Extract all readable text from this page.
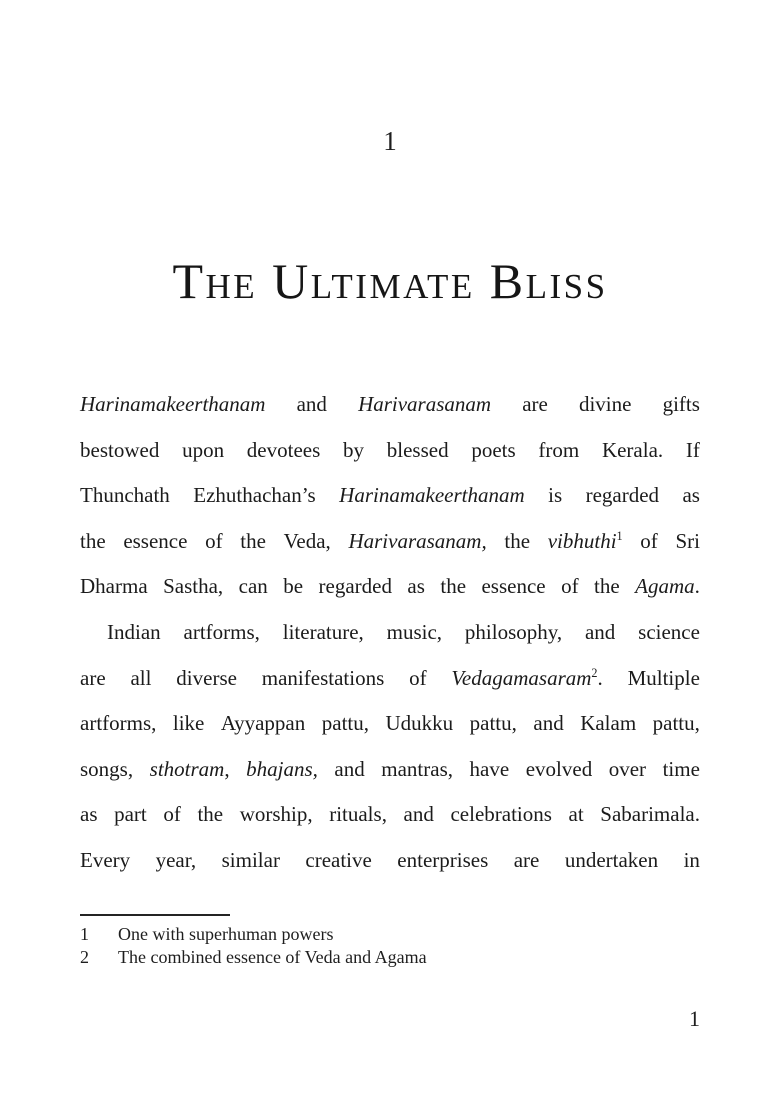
1
The Ultimate Bliss
Harinamakeerthanam and Harivarasanam are divine gifts
bestowed upon devotees by blessed poets from Kerala. If
Thunchath Ezhuthachan’s Harinamakeerthanam is regarded as
the essence of the Veda, Harivarasanam, the vibhuthi$^1$ of Sri
Dharma Sastha, can be regarded as the essence of the Agama.
Indian artforms, literature, music, philosophy, and science
are all diverse manifestations of Vedagamasaram$^2$. Multiple
artforms, like Ayyappan pattu, Udukku pattu, and Kalam pattu,
songs, sthotram, bhajans, and mantras, have evolved over time
as part of the worship, rituals, and celebrations at Sabarimala.
Every year, similar creative enterprises are undertaken in
1	One with superhuman powers
2	The combined essence of Veda and Agama
1
